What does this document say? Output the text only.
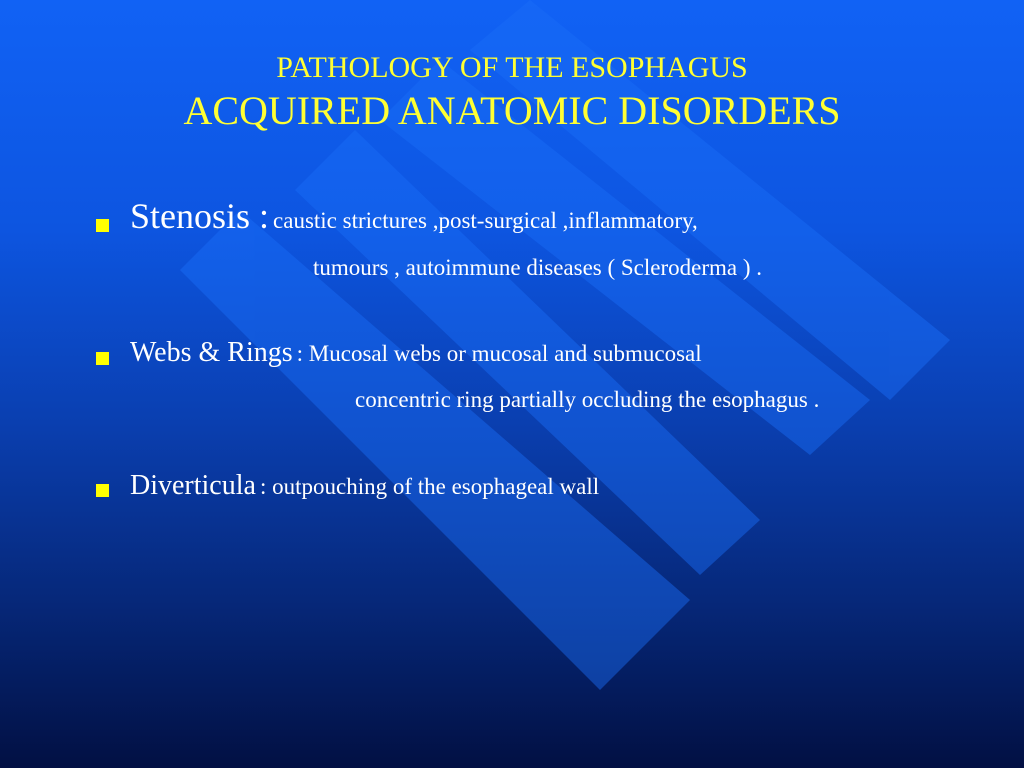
PATHOLOGY OF THE ESOPHAGUS
ACQUIRED ANATOMIC DISORDERS
Stenosis : caustic strictures ,post-surgical ,inflammatory,
tumours , autoimmune diseases ( Scleroderma ) .
Webs & Rings : Mucosal webs or mucosal and submucosal
concentric ring partially occluding the esophagus .
Diverticula : outpouching of the esophageal wall
